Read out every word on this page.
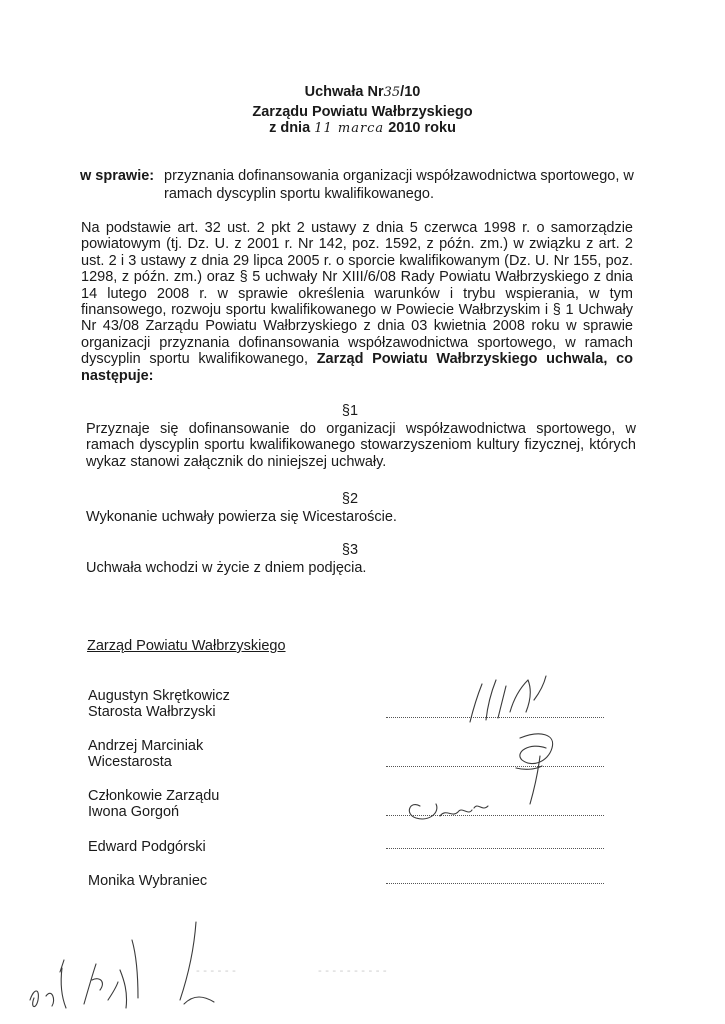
Uchwała Nr35/10
Zarządu Powiatu Wałbrzyskiego
z dnia 11 marca 2010 roku
w sprawie: przyznania dofinansowania organizacji współzawodnictwa sportowego, w ramach dyscyplin sportu kwalifikowanego.
Na podstawie art. 32 ust. 2 pkt 2 ustawy z dnia 5 czerwca 1998 r. o samorządzie powiatowym (tj. Dz. U. z 2001 r. Nr 142, poz. 1592, z późn. zm.) w związku z art. 2 ust. 2 i 3 ustawy z dnia 29 lipca 2005 r. o sporcie kwalifikowanym (Dz. U. Nr 155, poz. 1298, z późn. zm.) oraz § 5 uchwały Nr XIII/6/08 Rady Powiatu Wałbrzyskiego z dnia 14 lutego 2008 r. w sprawie określenia warunków i trybu wspierania, w tym finansowego, rozwoju sportu kwalifikowanego w Powiecie Wałbrzyskim i § 1 Uchwały Nr 43/08 Zarządu Powiatu Wałbrzyskiego z dnia 03 kwietnia 2008 roku w sprawie organizacji przyznania dofinansowania współzawodnictwa sportowego, w ramach dyscyplin sportu kwalifikowanego, Zarząd Powiatu Wałbrzyskiego uchwala, co następuje:
§1
Przyznaje się dofinansowanie do organizacji współzawodnictwa sportowego, w ramach dyscyplin sportu kwalifikowanego stowarzyszeniom kultury fizycznej, których wykaz stanowi załącznik do niniejszej uchwały.
§2
Wykonanie uchwały powierza się Wicestaroście.
§3
Uchwała wchodzi w życie z dniem podjęcia.
Zarząd Powiatu Wałbrzyskiego
Augustyn Skrętkowicz
Starosta Wałbrzyski
Andrzej Marciniak
Wicestarosta
Członkowie Zarządu
Iwona Gorgoń
Edward Podgórski
Monika Wybraniec
‑ ‑ ‑ ‑ ‑ ‑	‑ ‑ ‑ ‑ ‑ ‑ ‑ ‑ ‑ ‑
